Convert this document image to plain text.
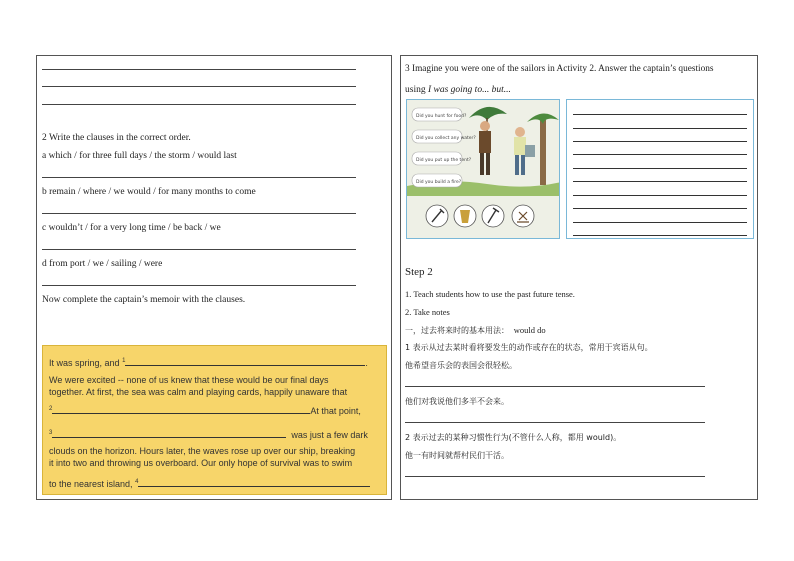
2 Write the clauses in the correct order.
a which / for three full days / the storm / would last
b remain / where / we would / for many months to come
c wouldn’t / for a very long time / be back / we
d from port / we / sailing / were
Now complete the captain’s memoir with the clauses.
It was spring, and $^1$	.
We were excited -- none of us knew that these would be our final days
together. At first, the sea was calm and playing cards, happily unaware that
$^2$	At that point,
$^3$	was just a few dark
clouds on the horizon. Hours later, the waves rose up over our ship, breaking
it into two and throwing us overboard. Our only hope of survival was to swim
to the nearest island, $^4$
3 Imagine you were one of the sailors in Activity 2. Answer the captain’s questions
using I was going to... but...
Did you hunt for food?
Did you collect any water?
Did you put up the tent?
Did you build a fire?
Step 2
1. Teach students how to use the past future tense.
2. Take notes
一，过去将来时的基本用法： would do
1 表示从过去某时看将要发生的动作或存在的状态，常用于宾语从句。
他希望音乐会的表国会很轻松。
他们对我说他们多半不会来。
2 表示过去的某种习惯性行为(不管什么人称，都用 would)。
他一有时间就帮村民们干活。
